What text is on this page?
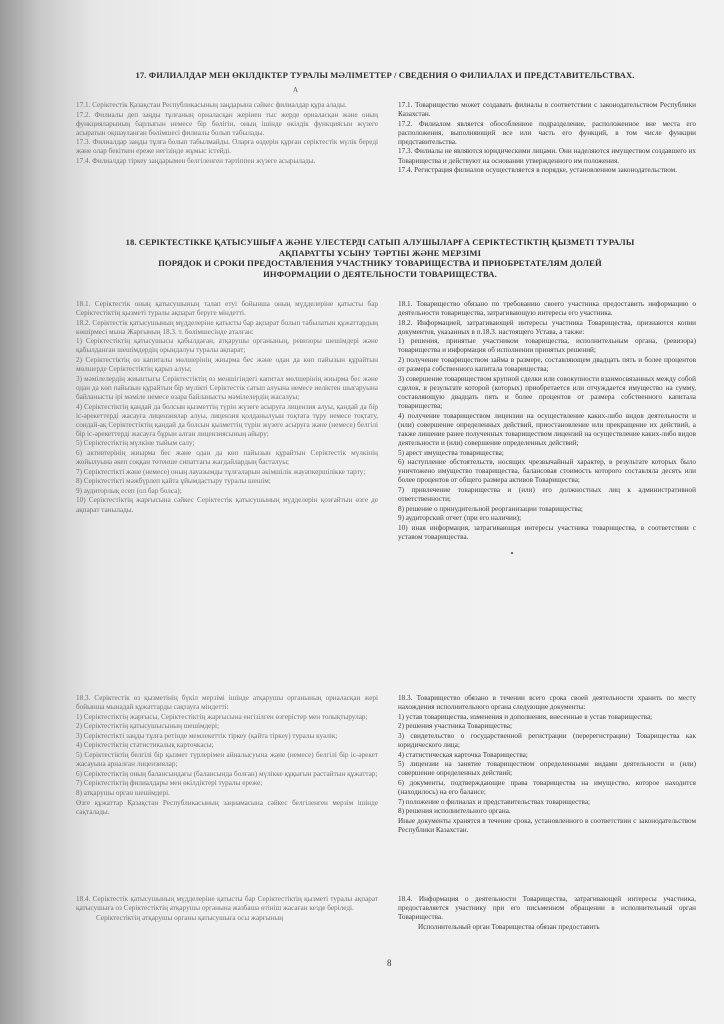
17. ФИЛИАЛДАР МЕН ӨКІЛДІКТЕР ТУРАЛЫ МӘЛІМЕТТЕР / СВЕДЕНИЯ О ФИЛИАЛАХ И ПРЕДСТАВИТЕЛЬСТВАХ.
А

17.1. Серіктестік Қазақстан Республикасының заңдарына сәйкес филиалдар құра алады.

17.2. Филиалы деп заңды тұлғаның орналасқан жерінен тыс жерде орналасқан және оның функцияларының барлығын немесе бір бөлігін, оның ішінде өкілдік функциясын жүзеге асыратын оқшауланған бөлімшесі филиалы болып табылады.

17.3. Филиалдар заңды тұлға болып табылмайды. Оларға өздерін құрған серіктестік мүлік береді және олар бекіткен ереже негізінде жұмыс істейді.

17.4. Филиалдар тіркеу заңдарымен белгіленген тәртіппен жүзеге асырылады.

17.1. Товарищество может создавать филиалы в соответствии с законодательством Республики Казахстан.

17.2. Филиалом является обособленное подразделение, расположенное вне места его расположения, выполняющий все или часть его функций, в том числе функции представительства.

17.3. Филиалы не являются юридическими лицами. Они наделяются имуществом создавшего их Товарищества и действуют на основании утвержденного им положения.

17.4. Регистрация филиалов осуществляется в порядке, установленном законодательством.

18. СЕРІКТЕСТІККЕ ҚАТЫСУШЫҒА ЖӘНЕ ҮЛЕСТЕРДІ САТЫП АЛУШЫЛАРҒА СЕРІКТЕСТІКТІҢ ҚЫЗМЕТІ ТУРАЛЫ
АҚПАРАТТЫ ҰСЫНУ ТӘРТІБІ ЖӘНЕ МЕРЗІМІ
ПОРЯДОК И СРОКИ ПРЕДОСТАВЛЕНИЯ УЧАСТНИКУ ТОВАРИЩЕСТВА И ПРИОБРЕТАТЕЛЯМ ДОЛЕЙ
ИНФОРМАЦИИ О ДЕЯТЕЛЬНОСТИ ТОВАРИЩЕСТВА.

18.1. Серіктестік оның қатысушының талап етуі бойынша оның мүдделеріне қатысты бар Серіктестіктің қызметі туралы ақпарат беруге міндетті.

18.2. Серіктестік қатысушының мүдделеріне қатысты бар ақпарат болып табылатын құжаттардың көшірмесі мына Жарғының 18.3. т. бөлімшесінде аталған:

1) Серіктестіктің қатысушысы қабылдаған, атқарушы органының, ревизоры шешімдері және қабылданған шешімдердің орындалуы туралы ақпарат;

2) Серіктестіктің өз капиталы мөлшерінің жиырма бес және одан да көп пайызын құрайтын мөлшерде Серіктестіктің қарыз алуы;

3) мәмілелердің жиынтығы Серіктестіктің өз меншігіндегі капитал мөлшерінің жиырма бес және одан да көп пайызын құрайтын бір мүлікті Серіктестік сатып алуына немесе иеліктен шығаруына байланысты ірі мәміле немесе өзара байланысты мәмілелердің жасалуы;

4) Серіктестіктің қандай да болсын қызметтің түрін жүзеге асыруға лицензия алуы, қандай да бір іс-әрекеттерді жасауға лицензиялар алуы, лицензия қолданылуын тоқтата тұру немесе тоқтату, сондай-ақ Серіктестіктің қандай да болсын қызметтің түрін жүзеге асыруға және (немесе) белгілі бір іс-әрекеттерді жасауға бұрын алған лицензиясының айыру;

5) Серіктестіктің мүлкіне тыйым салу;

6) активтерінің жиырма бес және одан да көп пайызын құрайтын Серіктестік мүлкінің жойылуына әкеп соққан төтенше сипаттағы жағдайлардың басталуы;

7) Серіктестікті және (немесе) оның лауазымды тұлғаларын әкімшілік жауапкершілікке тарту;

8) Серіктестікті мәжбүрлеп қайта ұйымдастыру туралы шешім;

9) аудиторлық есеп (ол бар болса);

10) Серіктестіктің жарғысына сәйкес Серіктестік қатысушының мүдделерін қозғайтын өзге де ақпарат танылады.

18.1. Товарищество обязано по требованию своего участника предоставить информацию о деятельности товарищества, затрагивающую интересы его участника.

18.2. Информацией, затрагивающей интересы участника Товарищества, признаются копии документов, указанных в п.18.3. настоящего Устава, а также:

1) решения, принятые участником товарищества, исполнительным органа, (ревизора) товарищества и информация об исполнении принятых решений;

2) получение товариществом займа в размере, составляющем двадцать пять и более процентов от размера собственного капитала товарищества;

3) совершение товариществом крупной сделки или совокупности взаимосвязанных между собой сделок, в результате которой (которых) приобретается или отчуждается имущество на сумму, составляющую двадцать пять и более процентов от размера собственного капитала товарищества;

4) получение товариществом лицензии на осуществление каких-либо видов деятельности и (или) совершение определенных действий, приостановление или прекращение их действий, а также лишение ранее полученных товариществом лицензий на осуществление каких-либо видов деятельности и (или) совершение определенных действий;

5) арест имущества товарищества;

6) наступление обстоятельств, носящих чрезвычайный характер, в результате которых было уничтожено имущество товарищества, балансовая стоимость которого составляла десять или более процентов от общего размера активов Товарищества;

7) привлечение товарищества и (или) его должностных лиц к административной ответственности;

8) решение о принудительной реорганизации товарищества;

9) аудиторский отчет (при его наличии);

10) иная информация, затрагивающая интересы участника товарищества, в соответствии с уставом товарищества.

18.3. Серіктестік өз қызметінің бүкіл мерзімі ішінде атқарушы органының орналасқан жері бойынша мынадай құжаттарды сақтауға міндетті:

1) Серіктестіктің жарғысы, Серіктестіктің жарғысына енгізілген өзгерістер мен толықтырулар;

2) Серіктестіктің қатысушысының шешімдері;

3) Серіктестікті заңды тұлға ретінде мемлекеттік тіркеу (қайта тіркеу) туралы куәлік;

4) Серіктестіктің статистикалық карточкасы;

5) Серіктестіктің белгілі бір қызмет түрлерімен айналысуына және (немесе) белгілі бір іс-әрекет жасауына арналған лицензиялар;

6) Серіктестіктің оның балансындағы (балансында болған) мүлікке құқығын растайтын құжаттар;

7) Серіктестіктің филиалдары мен өкілдіктері туралы ереже;

8) атқарушы орган шешімдері.

Өзге құжаттар Қазақстан Республикасының заңнамасына сәйкес белгіленген мерзім ішінде сақталады.

18.3. Товарищество обязано в течении всего срока своей деятельности хранить по месту нахождения исполнительного органа следующие документы:

1) устав товарищества, изменения и дополнения, внесенные в устав товарищества;

2) решения участника Товарищества;

3) свидетельство о государственной регистрации (перерегистрации) Товарищества как юридического лица;

4) статистическая карточка Товарищества;

5) лицензии на занятие товариществом определенными видами деятельности и (или) совершение определенных действий;

6) документы, подтверждающие права товарищества на имущество, которое находится (находилось) на его балансе;

7) положение о филиалах и представительствах товарищества;

8) решения исполнительного органа.

Иные документы хранятся в течение срока, установленного в соответствии с законодательством Республики Казахстан.

18.4. Серіктестік қатысушының мүдделеріне қатысты бар Серіктестіктің қызметі туралы ақпарат қатысушыға оз Серіктестіктің атқарушы органына жазбаша өтініш жасаған кезде беріледі.

Серіктестіктің атқарушы органы қатысушыға осы жарғының

18.4. Информация о деятельности Товарищества, затрагивающей интересы участника, предоставляется участнику при его письменном обращении в исполнительный орган Товарищества.

Исполнительный орган Товарищества обязан предоставить

8
